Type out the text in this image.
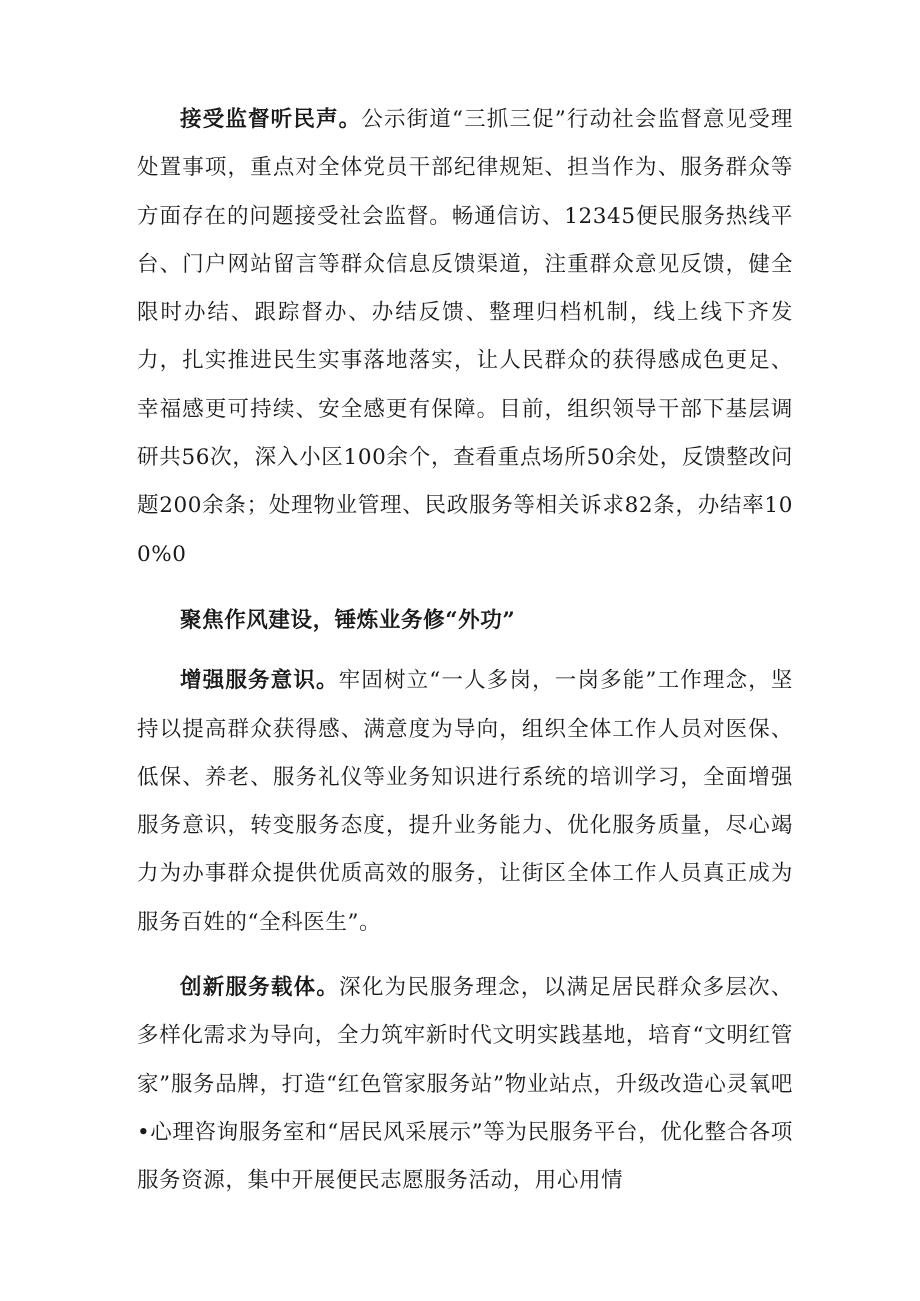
接受监督听民声。公示街道“三抓三促”行动社会监督意见受理处置事项，重点对全体党员干部纪律规矩、担当作为、服务群众等方面存在的问题接受社会监督。畅通信访、12345便民服务热线平台、门户网站留言等群众信息反馈渠道，注重群众意见反馈，健全限时办结、跟踪督办、办结反馈、整理归档机制，线上线下齐发力，扎实推进民生实事落地落实，让人民群众的获得感成色更足、幸福感更可持续、安全感更有保障。目前，组织领导干部下基层调研共56次，深入小区100余个，查看重点场所50余处，反馈整改问题200余条；处理物业管理、民政服务等相关诉求82条，办结率100%0

聚焦作风建设，锤炼业务修“外功”

增强服务意识。牢固树立“一人多岗，一岗多能”工作理念，坚持以提高群众获得感、满意度为导向，组织全体工作人员对医保、低保、养老、服务礼仪等业务知识进行系统的培训学习，全面增强服务意识，转变服务态度，提升业务能力、优化服务质量，尽心竭力为办事群众提供优质高效的服务，让街区全体工作人员真正成为服务百姓的“全科医生”。

创新服务载体。深化为民服务理念，以满足居民群众多层次、多样化需求为导向，全力筑牢新时代文明实践基地，培育“文明红管家”服务品牌，打造“红色管家服务站”物业站点，升级改造心灵氧吧•心理咨询服务室和“居民风采展示”等为民服务平台，优化整合各项服务资源，集中开展便民志愿服务活动，用心用情
